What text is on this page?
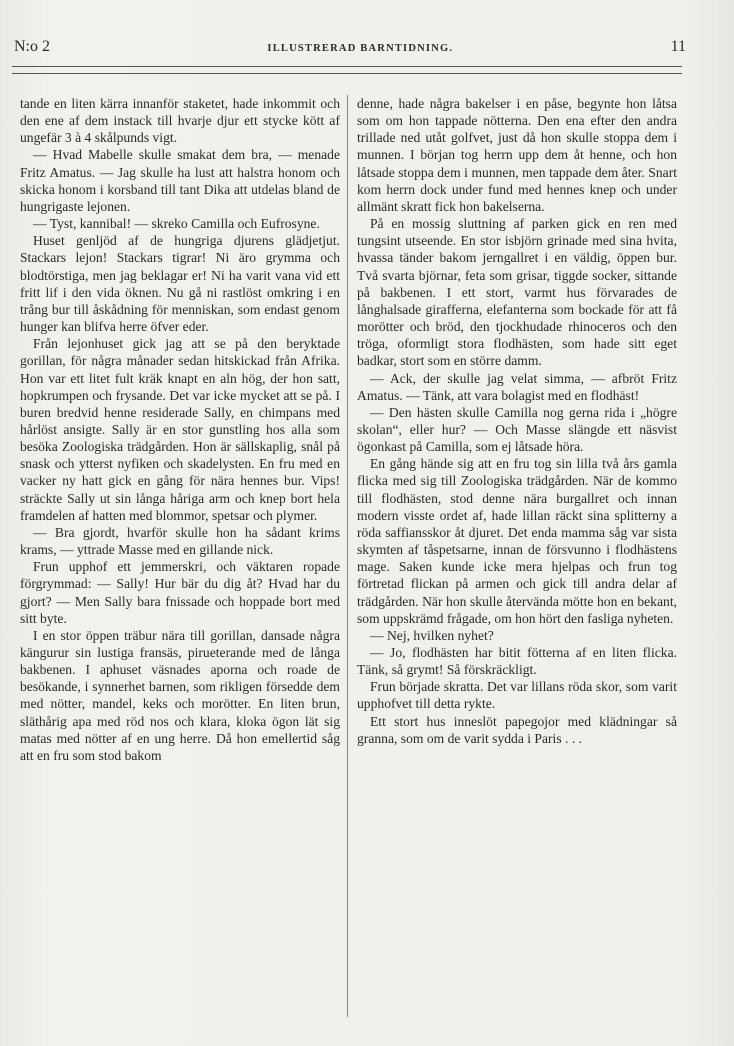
N:o 2	ILLUSTRERAD BARNTIDNING.	11

tande en liten kärra innanför staketet, hade inkommit och den ene af dem instack till hvarje djur ett stycke kött af ungefär 3 à 4 skålpunds vigt.

— Hvad Mabelle skulle smakat dem bra, — menade Fritz Amatus. — Jag skulle ha lust att halstra honom och skicka honom i korsband till tant Dika att utdelas bland de hungrigaste lejonen.

— Tyst, kannibal! — skreko Camilla och Eufrosyne.

Huset genljöd af de hungriga djurens glädjetjut. Stackars lejon! Stackars tigrar! Ni äro grymma och blodtörstiga, men jag beklagar er! Ni ha varit vana vid ett fritt lif i den vida öknen. Nu gå ni rastlöst omkring i en trång bur till åskådning för menniskan, som endast genom hunger kan blifva herre öfver eder.

Från lejonhuset gick jag att se på den beryktade gorillan, för några månader sedan hitskickad från Afrika. Hon var ett litet fult kräk knapt en aln hög, der hon satt, hopkrumpen och frysande. Det var icke mycket att se på. I buren bredvid henne residerade Sally, en chimpans med hårlöst ansigte. Sally är en stor gunstling hos alla som besöka Zoologiska trädgården. Hon är sällskaplig, snål på snask och ytterst nyfiken och skadelysten. En fru med en vacker ny hatt gick en gång för nära hennes bur. Vips! sträckte Sally ut sin långa håriga arm och knep bort hela framdelen af hatten med blommor, spetsar och plymer.

— Bra gjordt, hvarför skulle hon ha sådant krims krams, — yttrade Masse med en gillande nick.

Frun upphof ett jemmerskri, och väktaren ropade förgrymmad: — Sally! Hur bär du dig åt? Hvad har du gjort? — Men Sally bara fnissade och hoppade bort med sitt byte.

I en stor öppen träbur nära till gorillan, dansade några kängurur sin lustiga fransäs, pirueterande med de långa bakbenen. I aphuset väsnades aporna och roade de besökande, i synnerhet barnen, som rikligen försedde dem med nötter, mandel, keks och morötter. En liten brun, släthårig apa med röd nos och klara, kloka ögon lät sig matas med nötter af en ung herre. Då hon emellertid såg att en fru som stod bakom

denne, hade några bakelser i en påse, begynte hon låtsa som om hon tappade nötterna. Den ena efter den andra trillade ned utåt golfvet, just då hon skulle stoppa dem i munnen. I början tog herrn upp dem åt henne, och hon låtsade stoppa dem i munnen, men tappade dem åter. Snart kom herrn dock under fund med hennes knep och under allmänt skratt fick hon bakelserna.

På en mossig sluttning af parken gick en ren med tungsint utseende. En stor isbjörn grinade med sina hvita, hvassa tänder bakom jerngallret i en väldig, öppen bur. Två svarta björnar, feta som grisar, tiggde socker, sittande på bakbenen. I ett stort, varmt hus förvarades de långhalsade girafferna, elefanterna som bockade för att få morötter och bröd, den tjockhudade rhinoceros och den tröga, oformligt stora flodhästen, som hade sitt eget badkar, stort som en större damm.

— Ack, der skulle jag velat simma, — afbröt Fritz Amatus. — Tänk, att vara bolagist med en flodhäst!

— Den hästen skulle Camilla nog gerna rida i „högre skolan“, eller hur? — Och Masse slängde ett näsvist ögonkast på Camilla, som ej låtsade höra.

En gång hände sig att en fru tog sin lilla två års gamla flicka med sig till Zoologiska trädgården. När de kommo till flodhästen, stod denne nära burgallret och innan modern visste ordet af, hade lillan räckt sina splitterny a röda saffiansskor åt djuret. Det enda mamma såg var sista skymten af tåspetsarne, innan de försvunno i flodhästens mage. Saken kunde icke mera hjelpas och frun tog förtretad flickan på armen och gick till andra delar af trädgården. När hon skulle återvända mötte hon en bekant, som uppskrämd frågade, om hon hört den fasliga nyheten.

— Nej, hvilken nyhet?

— Jo, flodhästen har bitit fötterna af en liten flicka. Tänk, så grymt! Så förskräckligt.

Frun började skratta. Det var lillans röda skor, som varit upphofvet till detta rykte.

Ett stort hus inneslöt papegojor med klädningar så granna, som om de varit sydda i Paris . . .
